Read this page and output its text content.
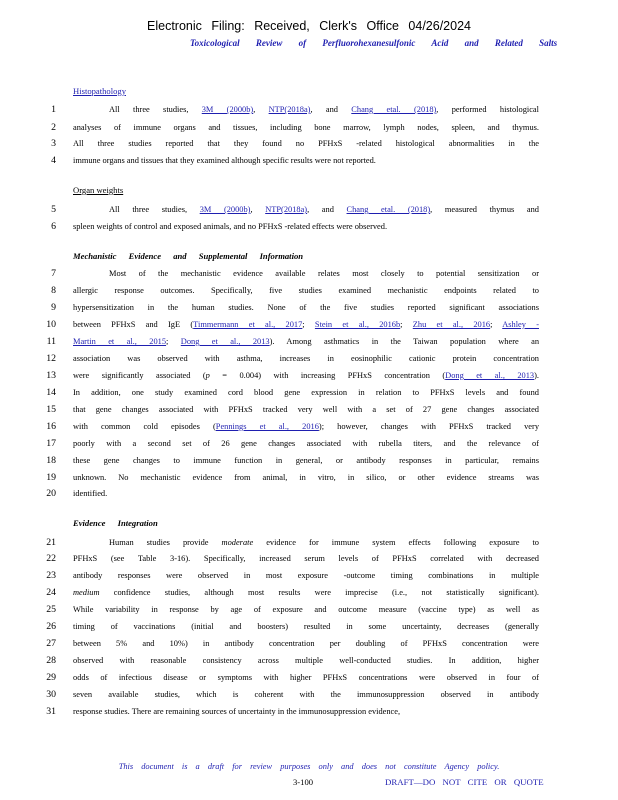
Electronic Filing: Received, Clerk's Office 04/26/2024
Toxicological Review of Perfluorohexanesulfonic Acid and Related Salts
Histopathology
1	All three studies, 3M (2000b), NTP(2018a), and Chang etal. (2018), performed histological
2 analyses of immune organs and tissues, including bone marrow, lymph nodes, spleen, and thymus.
3 All three studies reported that they found no PFHxS -related histological abnormalities in the
4 immune organs and tissues that they examined although specific results were not reported.
Organ weights
5	All three studies, 3M (2000b), NTP(2018a), and Chang etal. (2018), measured thymus and
6 spleen weights of control and exposed animals, and no PFHxS -related effects were observed.
Mechanistic Evidence and Supplemental Information
7	Most of the mechanistic evidence available relates most closely to potential sensitization or
8 allergic response outcomes. Specifically, five studies examined mechanistic endpoints related to
9 hypersensitization in the human studies. None of the five studies reported significant associations
10 between PFHxS and IgE (Timmermann et al., 2017; Stein et al., 2016b; Zhu et al., 2016; Ashley -
11 Martin et al., 2015; Dong et al., 2013). Among asthmatics in the Taiwan population where an
12 association was observed with asthma, increases in eosinophilic cationic protein concentration
13 were significantly associated (p = 0.004) with increasing PFHxS concentration (Dong et al., 2013).
14 In addition, one study examined cord blood gene expression in relation to PFHxS levels and found
15 that gene changes associated with PFHxS tracked very well with a set of 27 gene changes associated
16 with common cold episodes (Pennings et al., 2016); however, changes with PFHxS tracked very
17 poorly with a second set of 26 gene changes associated with rubella titers, and the relevance of
18 these gene changes to immune function in general, or antibody responses in particular, remains
19 unknown. No mechanistic evidence from animal, in vitro, in silico, or other evidence streams was
20 identified.
Evidence Integration
21	Human studies provide moderate evidence for immune system effects following exposure to
22 PFHxS (see Table 3-16). Specifically, increased serum levels of PFHxS correlated with decreased
23 antibody responses were observed in most exposure -outcome timing combinations in multiple
24 medium confidence studies, although most results were imprecise (i.e., not statistically significant).
25 While variability in response by age of exposure and outcome measure (vaccine type) as well as
26 timing of vaccinations (initial and boosters) resulted in some uncertainty, decreases (generally
27 between 5% and 10%) in antibody concentration per doubling of PFHxS concentration were
28 observed with reasonable consistency across multiple well-conducted studies. In addition, higher
29 odds of infectious disease or symptoms with higher PFHxS concentrations were observed in four of
30 seven available studies, which is coherent with the immunosuppression observed in antibody
31 response studies. There are remaining sources of uncertainty in the immunosuppression evidence,
This document is a draft for review purposes only and does not constitute Agency policy.
3-100	DRAFT—DO NOT CITE OR QUOTE
